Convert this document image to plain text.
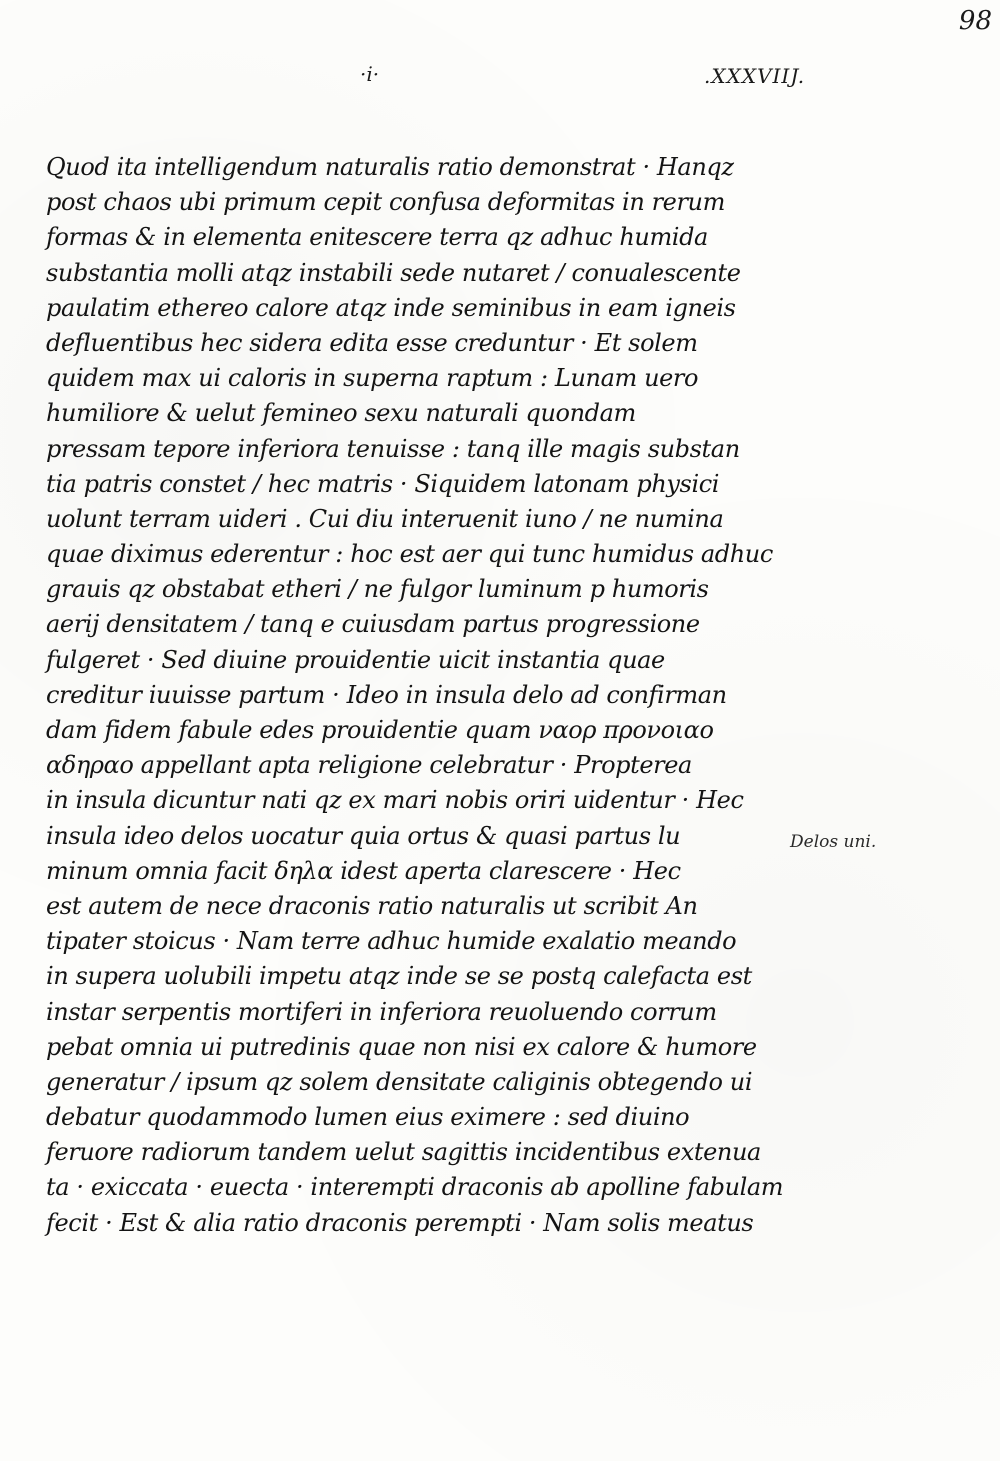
98
·i·	.XXXVIIJ.
Quod ita intelligendum naturalis ratio demonstrat · Hanqz
post chaos ubi primum cepit confusa deformitas in rerum
formas & in elementa enitescere terra qz adhuc humida
substantia molli atqz instabili sede nutaret / conualescente
paulatim ethereo calore atqz inde seminibus in eam igneis
defluentibus hec sidera edita esse creduntur · Et solem
quidem max ui caloris in superna raptum : Lunam uero
humiliore & uelut femineo sexu naturali quondam
pressam tepore inferiora tenuisse : tanq ille magis substan
tia patris constet / hec matris · Siquidem latonam physici
uolunt terram uideri . Cui diu interuenit iuno / ne numina
quae diximus ederentur : hoc est aer qui tunc humidus adhuc
grauis qz obstabat etheri / ne fulgor luminum p humoris
aerij densitatem / tanq e cuiusdam partus progressione
fulgeret · Sed diuine prouidentie uicit instantia quae
creditur iuuisse partum · Ideo in insula delo ad confirman
dam fidem fabule edes prouidentie quam ναορ προνοιαο
αδηραο appellant apta religione celebratur · Propterea
in insula dicuntur nati qz ex mari nobis oriri uidentur · Hec
insula ideo delos uocatur quia ortus & quasi partus lu
minum omnia facit δηλα idest aperta clarescere · Hec
est autem de nece draconis ratio naturalis ut scribit An
tipater stoicus · Nam terre adhuc humide exalatio meando
in supera uolubili impetu atqz inde se se postq calefacta est
instar serpentis mortiferi in inferiora reuoluendo corrum
pebat omnia ui putredinis quae non nisi ex calore & humore
generatur / ipsum qz solem densitate caliginis obtegendo ui
debatur quodammodo lumen eius eximere : sed diuino
feruore radiorum tandem uelut sagittis incidentibus extenua
ta · exiccata · euecta · interempti draconis ab apolline fabulam
fecit · Est & alia ratio draconis perempti · Nam solis meatus
Delos uni.
